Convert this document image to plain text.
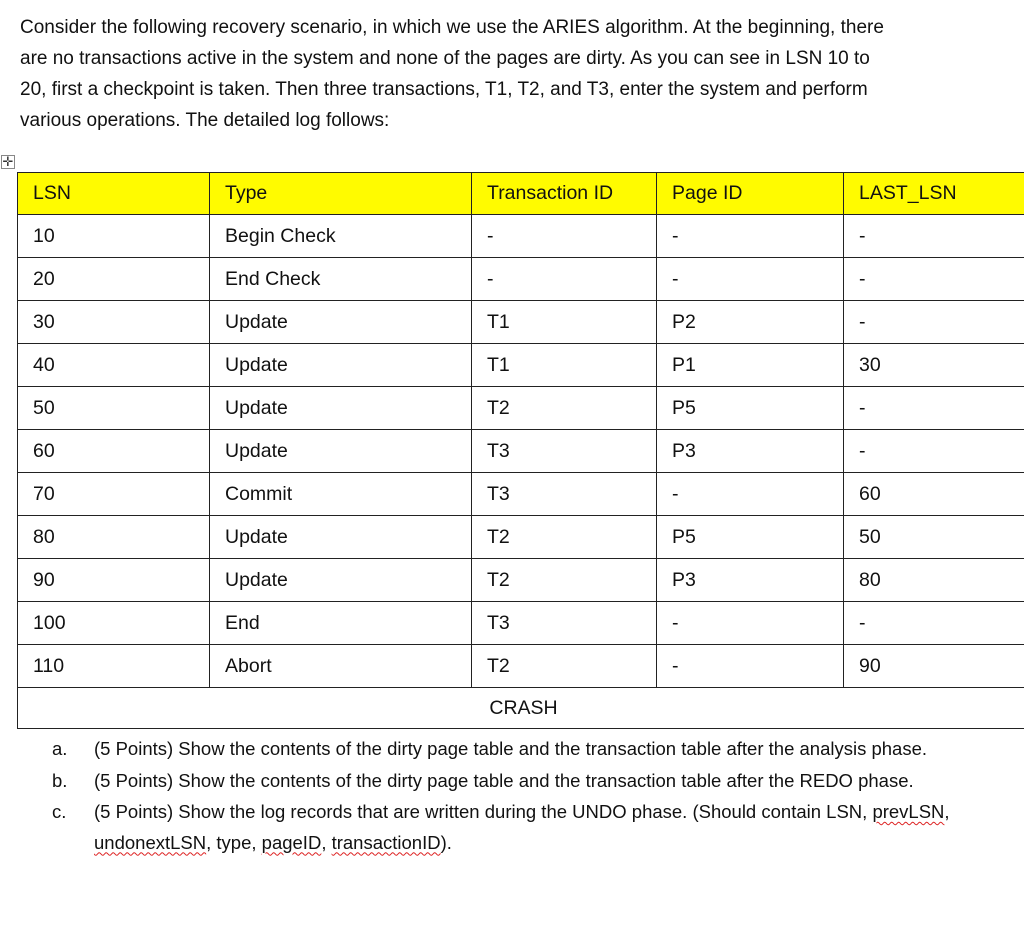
Consider the following recovery scenario, in which we use the ARIES algorithm. At the beginning, there
are no transactions active in the system and none of the pages are dirty. As you can see in LSN 10 to
20, first a checkpoint is taken. Then three transactions, T1, T2, and T3, enter the system and perform
various operations. The detailed log follows:
✛
LSN	Type	Transaction ID	Page ID	LAST_LSN
10	Begin Check	-	-	-
20	End Check	-	-	-
30	Update	T1	P2	-
40	Update	T1	P1	30
50	Update	T2	P5	-
60	Update	T3	P3	-
70	Commit	T3	-	60
80	Update	T2	P5	50
90	Update	T2	P3	80
100	End	T3	-	-
110	Abort	T2	-	90
CRASH				
a.	(5 Points) Show the contents of the dirty page table and the transaction table after the analysis phase.
b.	(5 Points) Show the contents of the dirty page table and the transaction table after the REDO phase.
c.	(5 Points) Show the log records that are written during the UNDO phase. (Should contain LSN, prevLSN, undonextLSN, type, pageID, transactionID).
